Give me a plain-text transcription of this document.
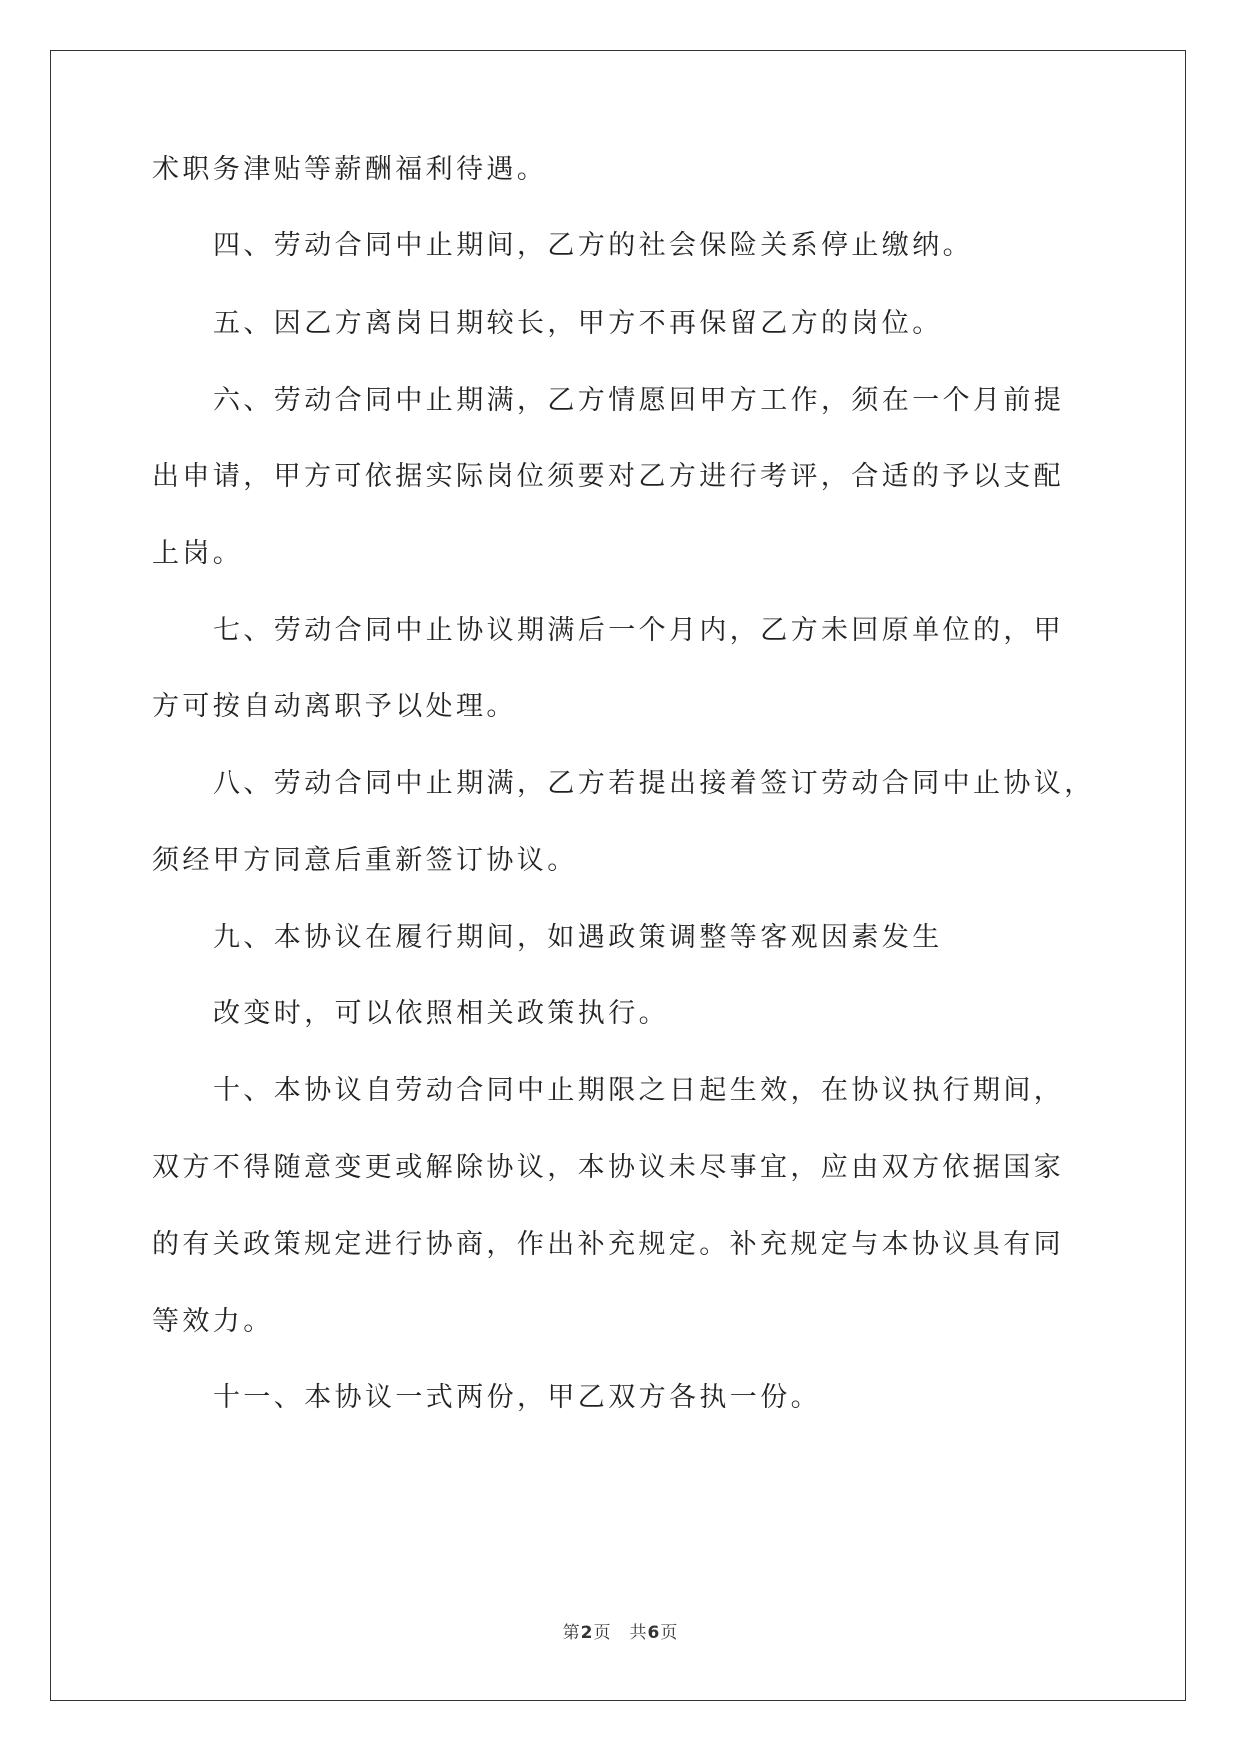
术职务津贴等薪酬福利待遇。
四、劳动合同中止期间，乙方的社会保险关系停止缴纳。
五、因乙方离岗日期较长，甲方不再保留乙方的岗位。
六、劳动合同中止期满，乙方情愿回甲方工作，须在一个月前提
出申请，甲方可依据实际岗位须要对乙方进行考评，合适的予以支配
上岗。
七、劳动合同中止协议期满后一个月内，乙方未回原单位的，甲
方可按自动离职予以处理。
八、劳动合同中止期满，乙方若提出接着签订劳动合同中止协议，
须经甲方同意后重新签订协议。
九、本协议在履行期间，如遇政策调整等客观因素发生
改变时，可以依照相关政策执行。
十、本协议自劳动合同中止期限之日起生效，在协议执行期间，
双方不得随意变更或解除协议，本协议未尽事宜，应由双方依据国家
的有关政策规定进行协商，作出补充规定。补充规定与本协议具有同
等效力。
十一、本协议一式两份，甲乙双方各执一份。
第2页 共6页
